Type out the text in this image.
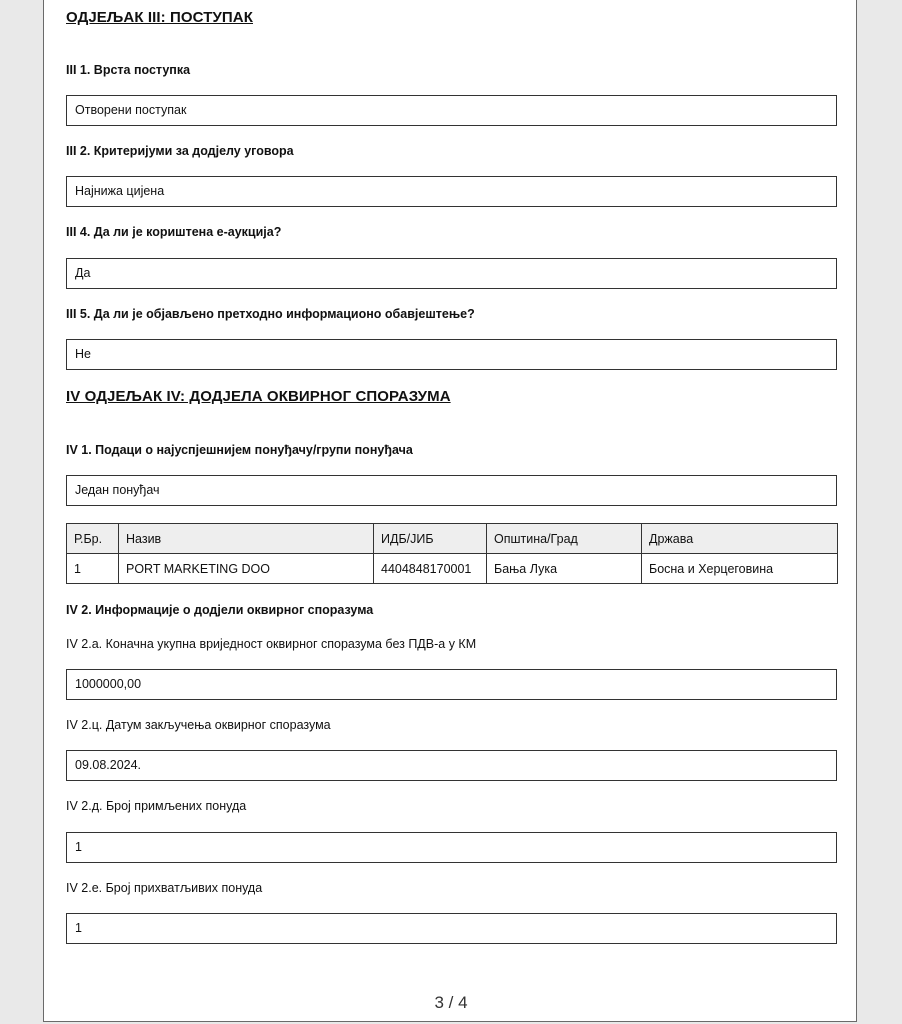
ОДЈЕЉАК III: ПОСТУПАК
III 1. Врста поступка
Отворени поступак
III 2. Критеријуми за додјелу уговора
Најнижа цијена
III 4. Да ли је кориштена е-аукција?
Да
III 5. Да ли је објављено претходно информационо обавјештење?
Не
IV ОДЈЕЉАК IV: ДОДЈЕЛА ОКВИРНОГ СПОРАЗУМА
IV 1. Подаци о најуспјешнијем понуђачу/групи понуђача
Један понуђач
Р.Бр.	Назив	ИДБ/ЈИБ	Општина/Град	Држава
1	PORT MARKETING DOO	4404848170001	Бања Лука	Босна и Херцеговина
IV 2. Информације о додјели оквирног споразума
IV 2.а. Коначна укупна вриједност оквирног споразума без ПДВ-а у КМ
1000000,00
IV 2.ц. Датум закључења оквирног споразума
09.08.2024.
IV 2.д. Број примљених понуда
1
IV 2.е. Број прихватљивих понуда
1
3 / 4
